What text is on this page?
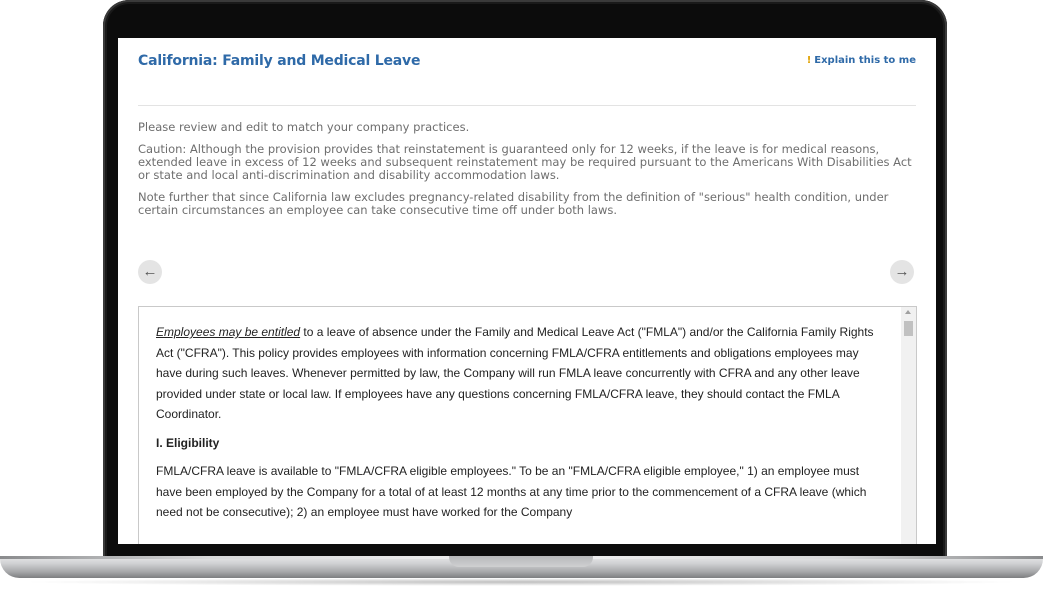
California: Family and Medical Leave	! Explain this to me

Please review and edit to match your company practices.

Caution: Although the provision provides that reinstatement is guaranteed only for 12 weeks, if the leave is for medical reasons, extended leave in excess of 12 weeks and subsequent reinstatement may be required pursuant to the Americans With Disabilities Act or state and local anti-discrimination and disability accommodation laws.

Note further that since California law excludes pregnancy-related disability from the definition of "serious" health condition, under certain circumstances an employee can take consecutive time off under both laws.

←	→

Employees may be entitled to a leave of absence under the Family and Medical Leave Act ("FMLA") and/or the California Family Rights Act ("CFRA"). This policy provides employees with information concerning FMLA/CFRA entitlements and obligations employees may have during such leaves. Whenever permitted by law, the Company will run FMLA leave concurrently with CFRA and any other leave provided under state or local law. If employees have any questions concerning FMLA/CFRA leave, they should contact the FMLA Coordinator.

I. Eligibility

FMLA/CFRA leave is available to "FMLA/CFRA eligible employees." To be an "FMLA/CFRA eligible employee," 1) an employee must have been employed by the Company for a total of at least 12 months at any time prior to the commencement of a CFRA leave (which need not be consecutive); 2) an employee must have worked for the Company
